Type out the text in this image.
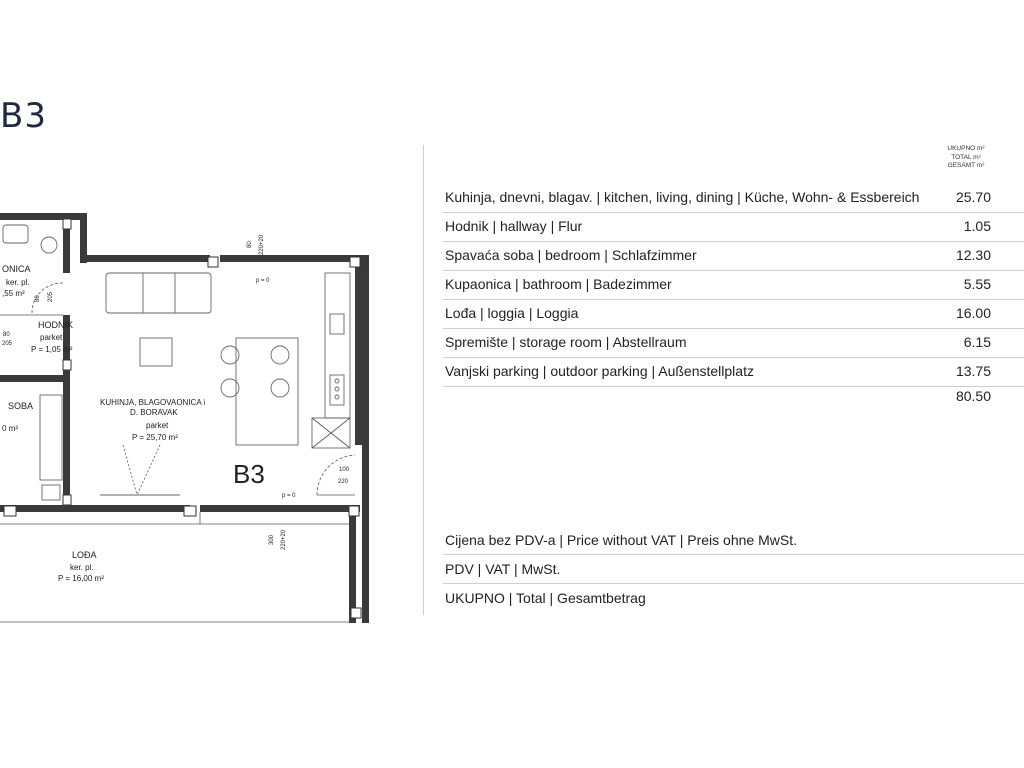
B3
ONICA
ker. pl.
,55 m²
HODNIK
parket
P = 1,05 m²
SOBA
0 m²
KUHINJA, BLAGOVAONICA i
D. BORAVAK
parket
P = 25,70 m²
B3
LOĐA
ker. pl.
P = 16,00 m²
80 220+20
p = 0
80 205
80
205
100
220
p = 0
300 220+20
UKUPNO m²
TOTAL m²
GESAMT m²
Kuhinja, dnevni, blagav. | kitchen, living, dining | Küche, Wohn- & Essbereich	25.70
Hodnik | hallway | Flur	1.05
Spavaća soba | bedroom | Schlafzimmer	12.30
Kupaonica | bathroom | Badezimmer	5.55
Lođa | loggia | Loggia	16.00
Spremište | storage room | Abstellraum	6.15
Vanjski parking | outdoor parking | Außenstellplatz	13.75
80.50
Cijena bez PDV-a | Price without VAT | Preis ohne MwSt.
PDV | VAT | MwSt.
UKUPNO | Total | Gesamtbetrag
